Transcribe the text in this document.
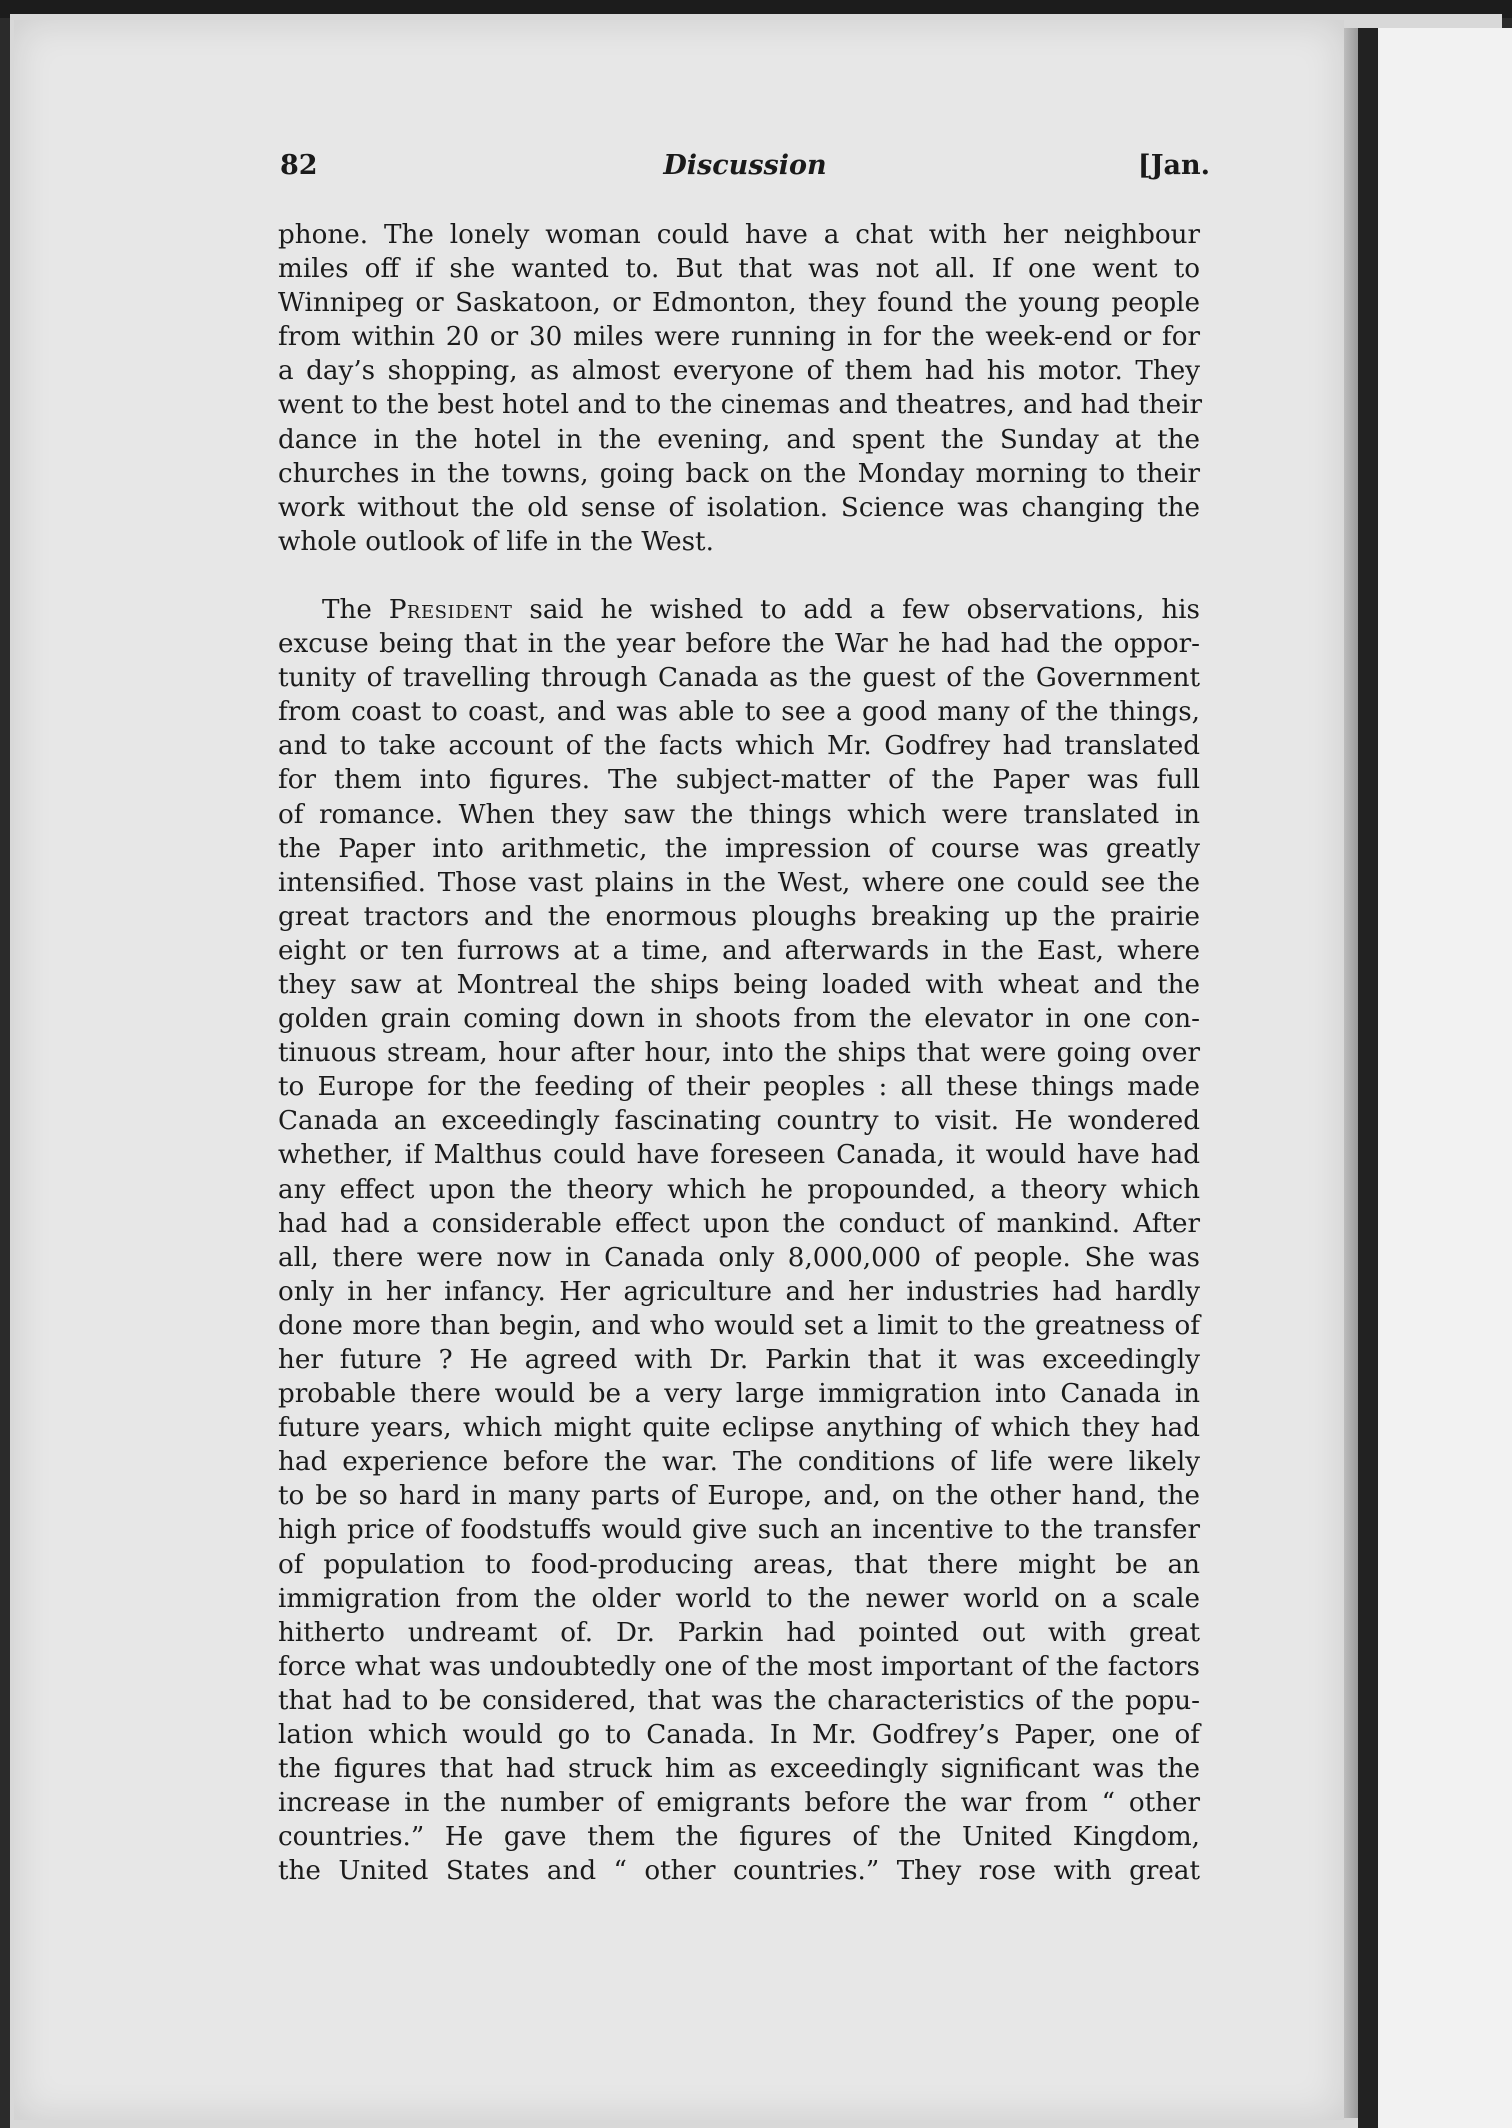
82	Discussion	[Jan.
phone. The lonely woman could have a chat with her neighbour
miles off if she wanted to. But that was not all. If one went to
Winnipeg or Saskatoon, or Edmonton, they found the young people
from within 20 or 30 miles were running in for the week-end or for
a day’s shopping, as almost everyone of them had his motor. They
went to the best hotel and to the cinemas and theatres, and had their
dance in the hotel in the evening, and spent the Sunday at the
churches in the towns, going back on the Monday morning to their
work without the old sense of isolation. Science was changing the
whole outlook of life in the West.
The President said he wished to add a few observations, his
excuse being that in the year before the War he had had the oppor-
tunity of travelling through Canada as the guest of the Government
from coast to coast, and was able to see a good many of the things,
and to take account of the facts which Mr. Godfrey had translated
for them into figures. The subject-matter of the Paper was full
of romance. When they saw the things which were translated in
the Paper into arithmetic, the impression of course was greatly
intensified. Those vast plains in the West, where one could see the
great tractors and the enormous ploughs breaking up the prairie
eight or ten furrows at a time, and afterwards in the East, where
they saw at Montreal the ships being loaded with wheat and the
golden grain coming down in shoots from the elevator in one con-
tinuous stream, hour after hour, into the ships that were going over
to Europe for the feeding of their peoples : all these things made
Canada an exceedingly fascinating country to visit. He wondered
whether, if Malthus could have foreseen Canada, it would have had
any effect upon the theory which he propounded, a theory which
had had a considerable effect upon the conduct of mankind. After
all, there were now in Canada only 8,000,000 of people. She was
only in her infancy. Her agriculture and her industries had hardly
done more than begin, and who would set a limit to the greatness of
her future ? He agreed with Dr. Parkin that it was exceedingly
probable there would be a very large immigration into Canada in
future years, which might quite eclipse anything of which they had
had experience before the war. The conditions of life were likely
to be so hard in many parts of Europe, and, on the other hand, the
high price of foodstuffs would give such an incentive to the transfer
of population to food-producing areas, that there might be an
immigration from the older world to the newer world on a scale
hitherto undreamt of. Dr. Parkin had pointed out with great
force what was undoubtedly one of the most important of the factors
that had to be considered, that was the characteristics of the popu-
lation which would go to Canada. In Mr. Godfrey’s Paper, one of
the figures that had struck him as exceedingly significant was the
increase in the number of emigrants before the war from “ other
countries.” He gave them the figures of the United Kingdom,
the United States and “ other countries.” They rose with great
